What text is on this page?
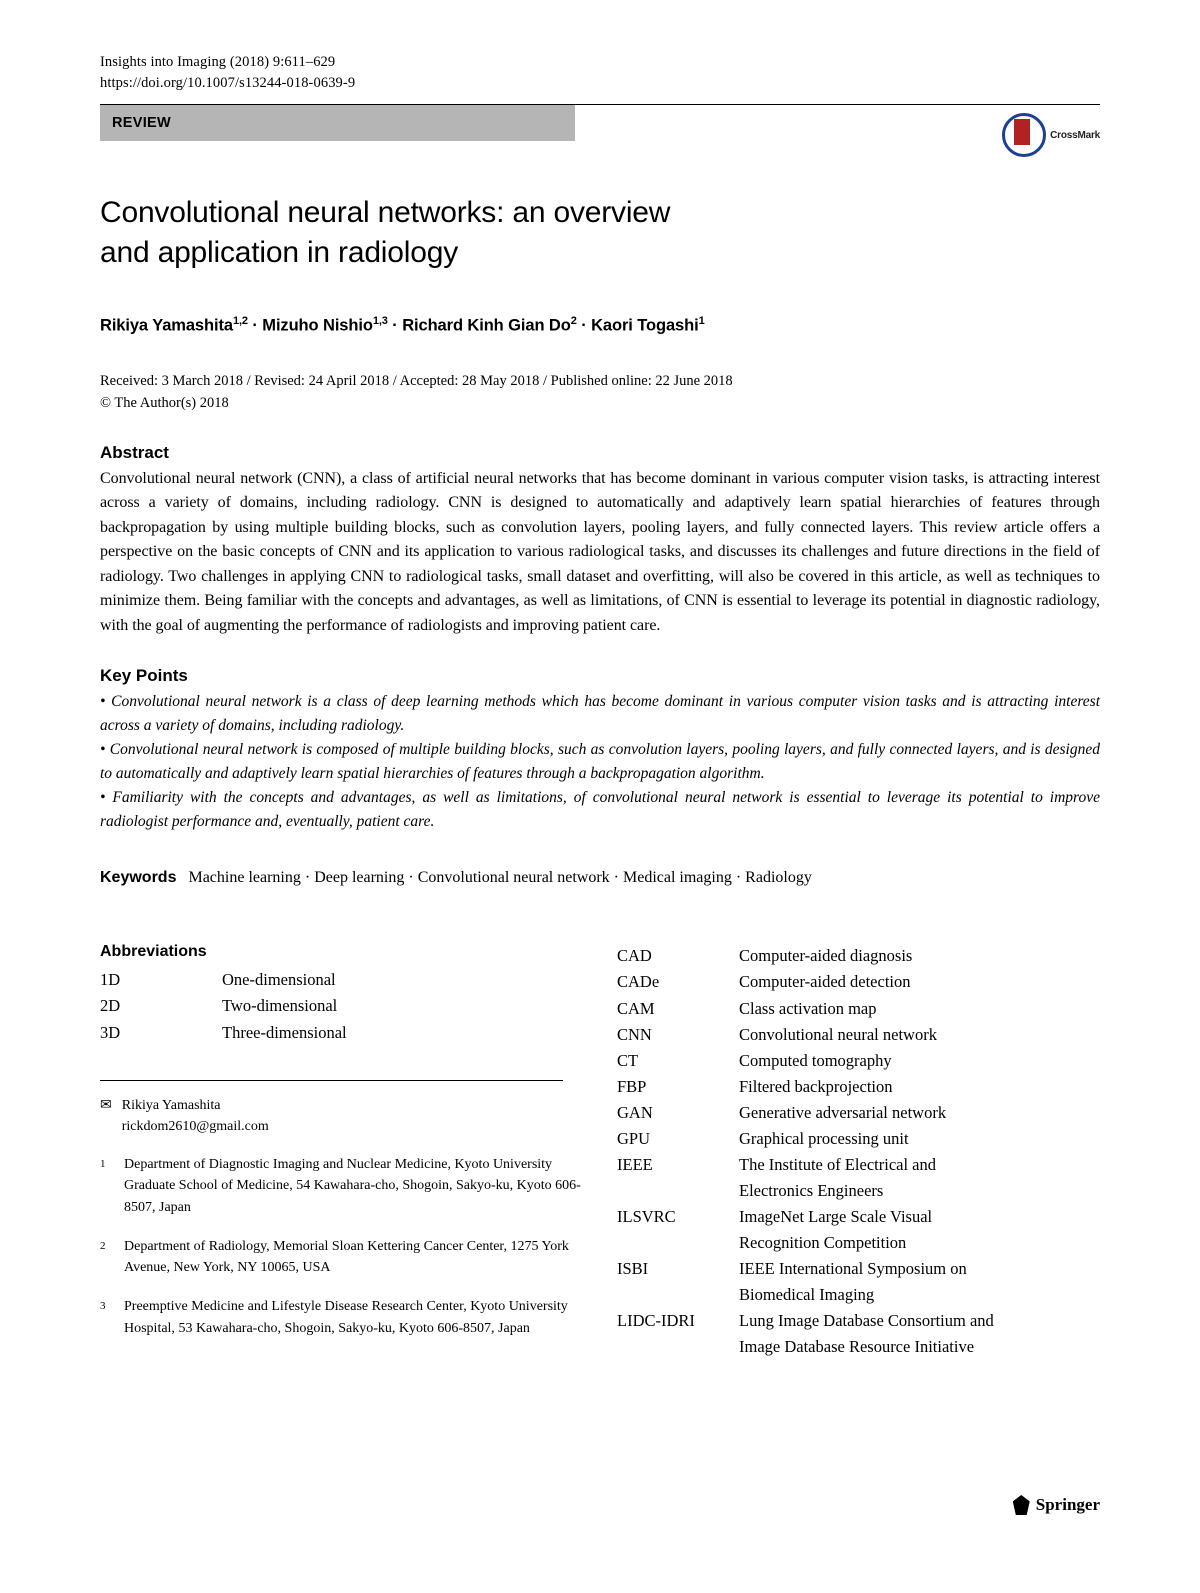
Insights into Imaging (2018) 9:611–629
https://doi.org/10.1007/s13244-018-0639-9
REVIEW
CrossMark
Convolutional neural networks: an overview
and application in radiology
Rikiya Yamashita$^{1,2}$ · Mizuho Nishio$^{1,3}$ · Richard Kinh Gian $Do^2$ · Kaori Togashi$^1$
Received: 3 March 2018 / Revised: 24 April 2018 / Accepted: 28 May 2018 / Published online: 22 June 2018
© The Author(s) 2018
Abstract
Convolutional neural network (CNN), a class of artificial neural networks that has become dominant in various computer vision tasks, is attracting interest across a variety of domains, including radiology. CNN is designed to automatically and adaptively learn spatial hierarchies of features through backpropagation by using multiple building blocks, such as convolution layers, pooling layers, and fully connected layers. This review article offers a perspective on the basic concepts of CNN and its application to various radiological tasks, and discusses its challenges and future directions in the field of radiology. Two challenges in applying CNN to radiological tasks, small dataset and overfitting, will also be covered in this article, as well as techniques to minimize them. Being familiar with the concepts and advantages, as well as limitations, of CNN is essential to leverage its potential in diagnostic radiology, with the goal of augmenting the performance of radiologists and improving patient care.
Key Points

• Convolutional neural network is a class of deep learning methods which has become dominant in various computer vision tasks and is attracting interest across a variety of domains, including radiology.

• Convolutional neural network is composed of multiple building blocks, such as convolution layers, pooling layers, and fully connected layers, and is designed to automatically and adaptively learn spatial hierarchies of features through a backpropagation algorithm.

• Familiarity with the concepts and advantages, as well as limitations, of convolutional neural network is essential to leverage its potential to improve radiologist performance and, eventually, patient care.

Keywords Machine learning · Deep learning · Convolutional neural network · Medical imaging · Radiology
Abbreviations
1D	One-dimensional
2D	Two-dimensional
3D	Three-dimensional
✉ Rikiya Yamashita
rickdom2610@gmail.com
1	Department of Diagnostic Imaging and Nuclear Medicine, Kyoto University Graduate School of Medicine, 54 Kawahara-cho, Shogoin, Sakyo-ku, Kyoto 606-8507, Japan
2	Department of Radiology, Memorial Sloan Kettering Cancer Center, 1275 York Avenue, New York, NY 10065, USA
3	Preemptive Medicine and Lifestyle Disease Research Center, Kyoto University Hospital, 53 Kawahara-cho, Shogoin, Sakyo-ku, Kyoto 606-8507, Japan
CAD	Computer-aided diagnosis
CADe	Computer-aided detection
CAM	Class activation map
CNN	Convolutional neural network
CT	Computed tomography
FBP	Filtered backprojection
GAN	Generative adversarial network
GPU	Graphical processing unit
IEEE	The Institute of Electrical and
Electronics Engineers
ILSVRC	ImageNet Large Scale Visual
Recognition Competition
ISBI	IEEE International Symposium on
Biomedical Imaging
LIDC-IDRI	Lung Image Database Consortium and
Image Database Resource Initiative
Springer
